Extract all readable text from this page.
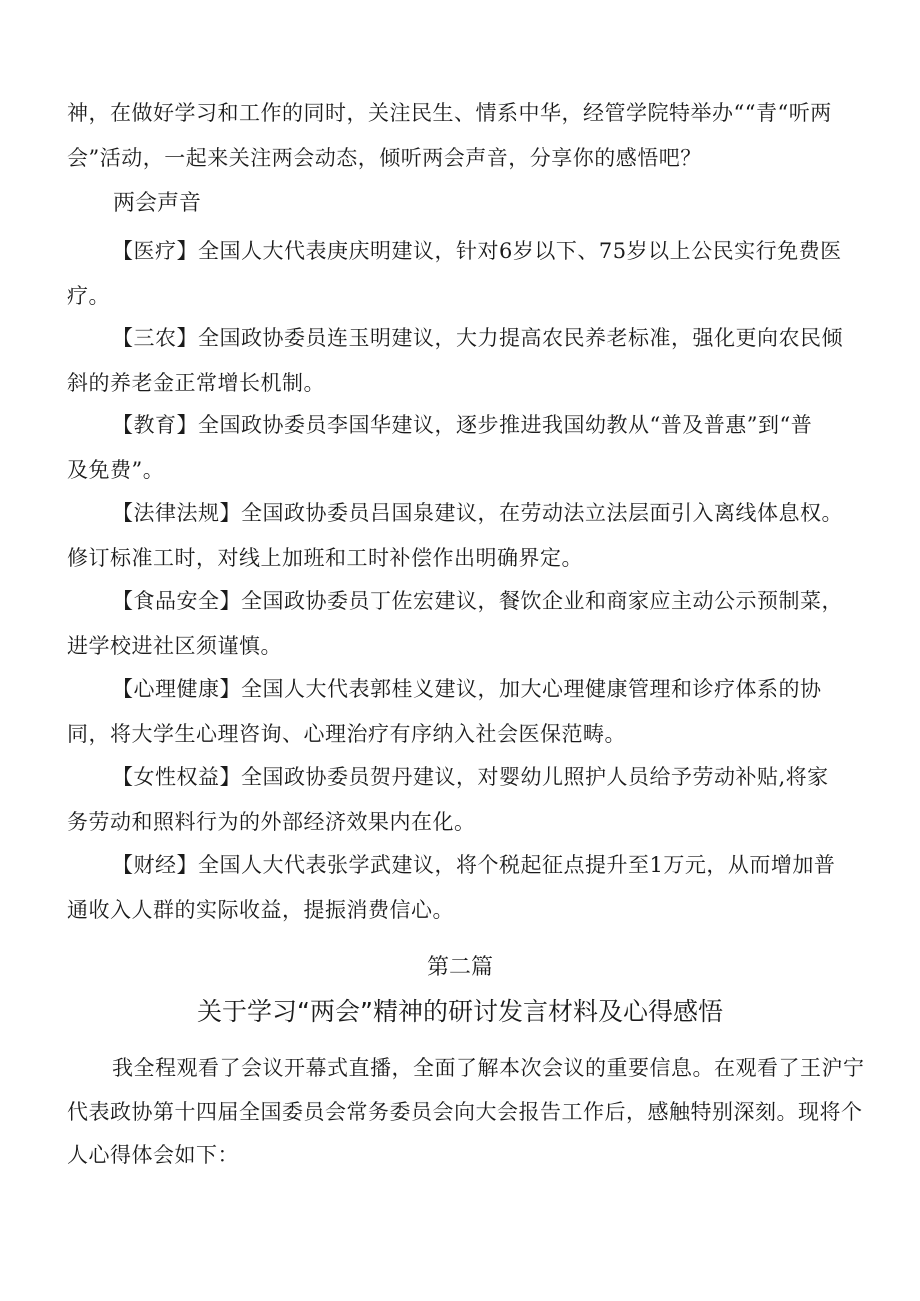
神，在做好学习和工作的同时，关注民生、情系中华，经管学院特举办““青“听两
会”活动，一起来关注两会动态，倾听两会声音，分享你的感悟吧？
两会声音
【医疗】全国人大代表庚庆明建议，针对6岁以下、75岁以上公民实行免费医
疗。
【三农】全国政协委员连玉明建议，大力提高农民养老标准，强化更向农民倾
斜的养老金正常增长机制。
【教育】全国政协委员李国华建议，逐步推进我国幼教从“普及普惠”到“普
及免费”。
【法律法规】全国政协委员吕国泉建议，在劳动法立法层面引入离线体息权。
修订标准工时，对线上加班和工时补偿作出明确界定。
【食品安全】全国政协委员丁佐宏建议，餐饮企业和商家应主动公示预制菜，
进学校进社区须谨慎。
【心理健康】全国人大代表郭桂义建议，加大心理健康管理和诊疗体系的协
同，将大学生心理咨询、心理治疗有序纳入社会医保范畴。
【女性权益】全国政协委员贺丹建议，对婴幼儿照护人员给予劳动补贴,将家
务劳动和照料行为的外部经济效果内在化。
【财经】全国人大代表张学武建议，将个税起征点提升至1万元，从而增加普
通收入人群的实际收益，提振消费信心。
第二篇
关于学习“两会”精神的研讨发言材料及心得感悟
我全程观看了会议开幕式直播，全面了解本次会议的重要信息。在观看了王沪宁
代表政协第十四届全国委员会常务委员会向大会报告工作后，感触特别深刻。现将个
人心得体会如下：
